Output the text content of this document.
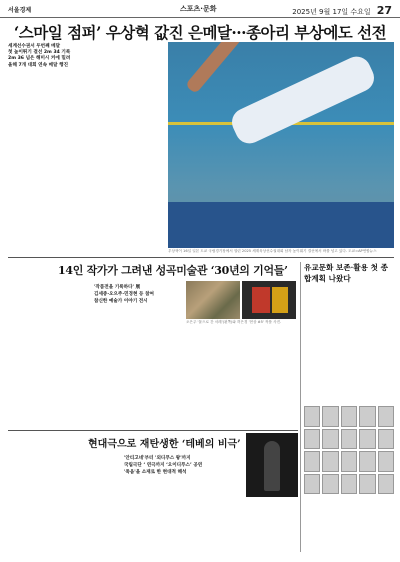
서울경제	스포츠·문화	2025년 9월 17일 수요일 27
‘스마일 점퍼’ 우상혁 값진 은메달···종아리 부상에도 선전
세계선수권서 두번째 메달
첫 높이뛰기 결선 2m 34 기록
2m 36 넘은 해미시 커에 밀려
올해 7개 대회 연속 메달 행진
우상혁이 16일 일본 도쿄 국립경기장에서 열린 2025 세계육상선수권대회 남자 높이뛰기 결선에서 바를 넘고 있다. 도쿄=AP연합뉴스
14인 작가가 그려낸 성곡미술관 ‘30년의 기억들’
'작품전을 기록하다' 展
김세중·오으주·민경현 등 참여
참신한 예술가 이야기 전시
오은주 '뭍으로 간 서레'(왼쪽)와 허은경 '현상 #5' 작품 사진.
유교문화 보존·활용 첫 종합계획 나왔다
현대극으로 재탄생한 ‘테베의 비극’
'안티고네'부터 '외디푸스 왕'까지
국립극단 ‘ 연극까지 ‘오이디푸스’ 공연
'죽음'을 소재로 한 현대적 해석
